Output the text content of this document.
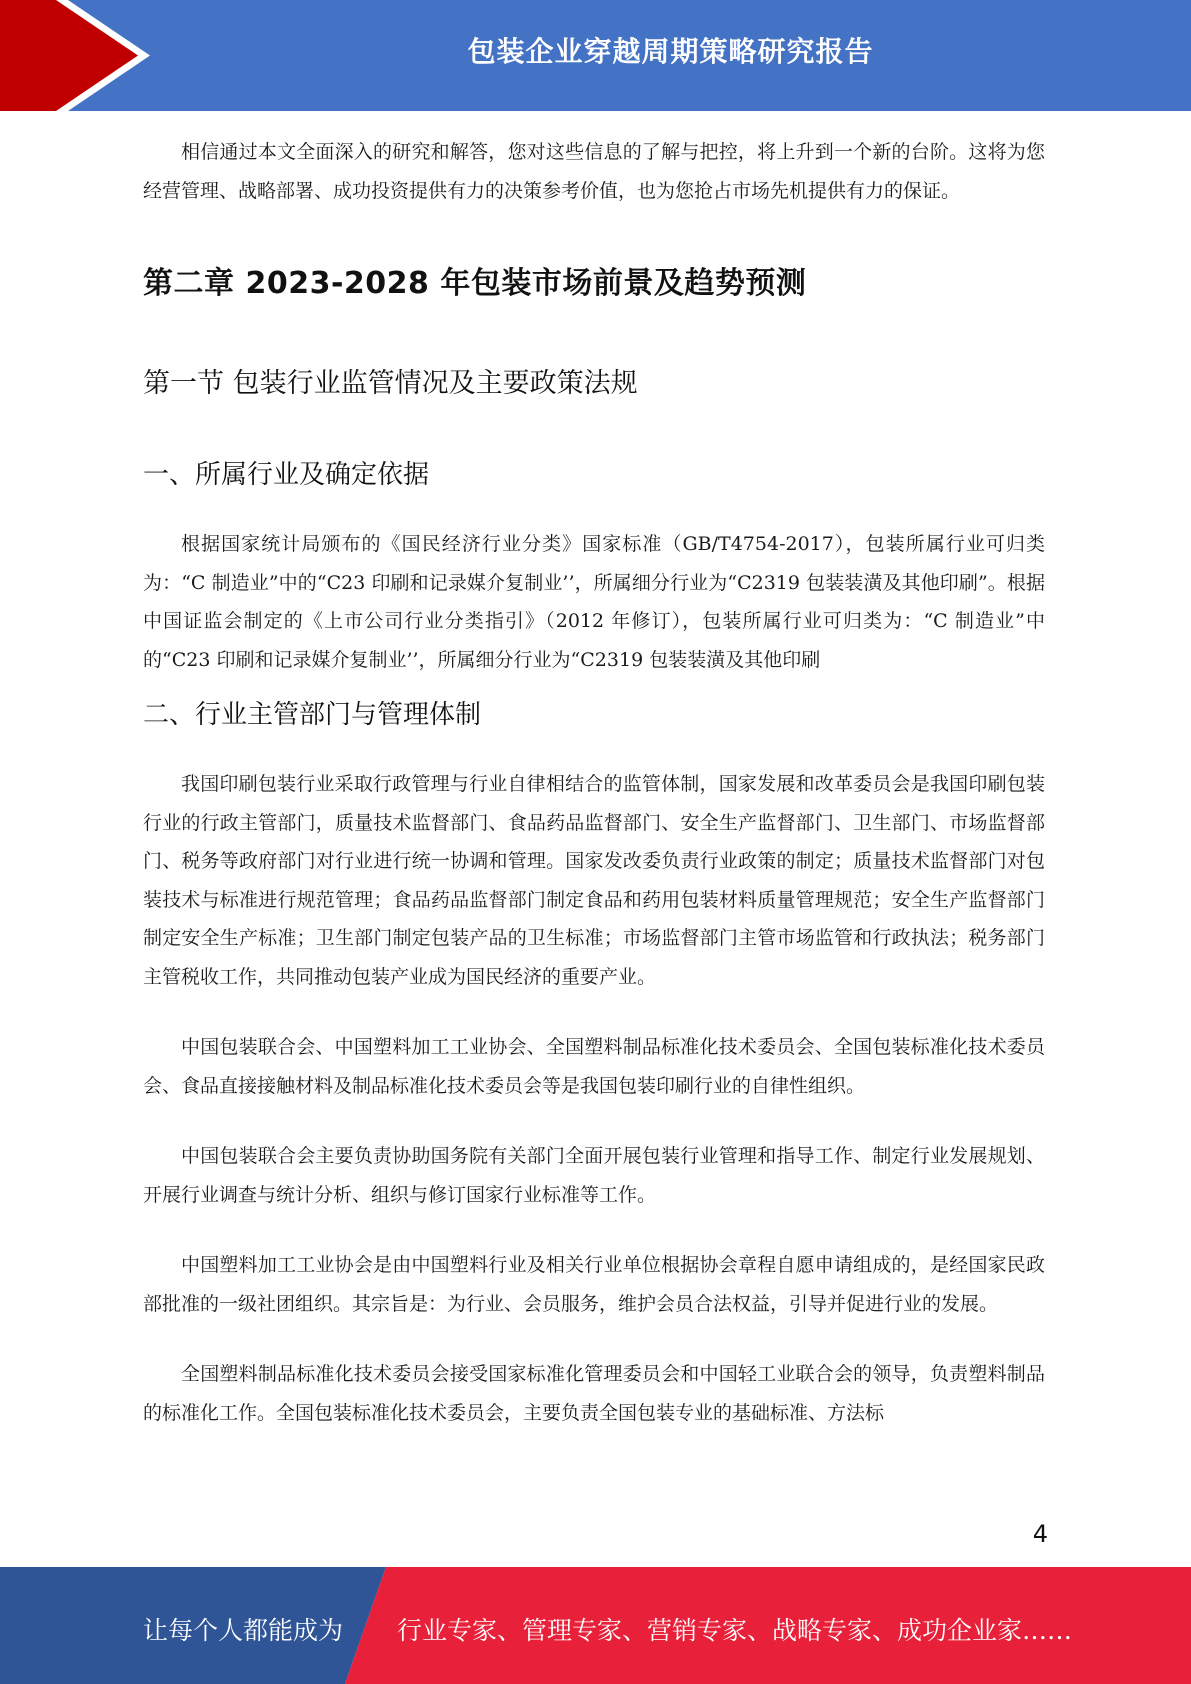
包装企业穿越周期策略研究报告

相信通过本文全面深入的研究和解答，您对这些信息的了解与把控，将上升到一个新的台阶。这将为您经营管理、战略部署、成功投资提供有力的决策参考价值，也为您抢占市场先机提供有力的保证。

第二章 2023-2028 年包装市场前景及趋势预测
第一节 包装行业监管情况及主要政策法规
一、所属行业及确定依据

根据国家统计局颁布的《国民经济行业分类》国家标准（GB/T4754-2017），包装所属行业可归类为：“C 制造业”中的“C23 印刷和记录媒介复制业’’，所属细分行业为“C2319 包装装潢及其他印刷”。根据中国证监会制定的《上市公司行业分类指引》（2012 年修订），包装所属行业可归类为：“C 制造业”中的“C23 印刷和记录媒介复制业’’，所属细分行业为“C2319 包装装潢及其他印刷

二、行业主管部门与管理体制

我国印刷包装行业采取行政管理与行业自律相结合的监管体制，国家发展和改革委员会是我国印刷包装行业的行政主管部门，质量技术监督部门、食品药品监督部门、安全生产监督部门、卫生部门、市场监督部门、税务等政府部门对行业进行统一协调和管理。国家发改委负责行业政策的制定；质量技术监督部门对包装技术与标准进行规范管理；食品药品监督部门制定食品和药用包装材料质量管理规范；安全生产监督部门制定安全生产标准；卫生部门制定包装产品的卫生标准；市场监督部门主管市场监管和行政执法；税务部门主管税收工作，共同推动包装产业成为国民经济的重要产业。

中国包装联合会、中国塑料加工工业协会、全国塑料制品标准化技术委员会、全国包装标准化技术委员会、食品直接接触材料及制品标准化技术委员会等是我国包装印刷行业的自律性组织。

中国包装联合会主要负责协助国务院有关部门全面开展包装行业管理和指导工作、制定行业发展规划、开展行业调查与统计分析、组织与修订国家行业标准等工作。

中国塑料加工工业协会是由中国塑料行业及相关行业单位根据协会章程自愿申请组成的，是经国家民政部批准的一级社团组织。其宗旨是：为行业、会员服务，维护会员合法权益，引导并促进行业的发展。

全国塑料制品标准化技术委员会接受国家标准化管理委员会和中国轻工业联合会的领导，负责塑料制品的标准化工作。全国包装标准化技术委员会，主要负责全国包装专业的基础标准、方法标

4
让每个人都能成为 行业专家、管理专家、营销专家、战略专家、成功企业家……
